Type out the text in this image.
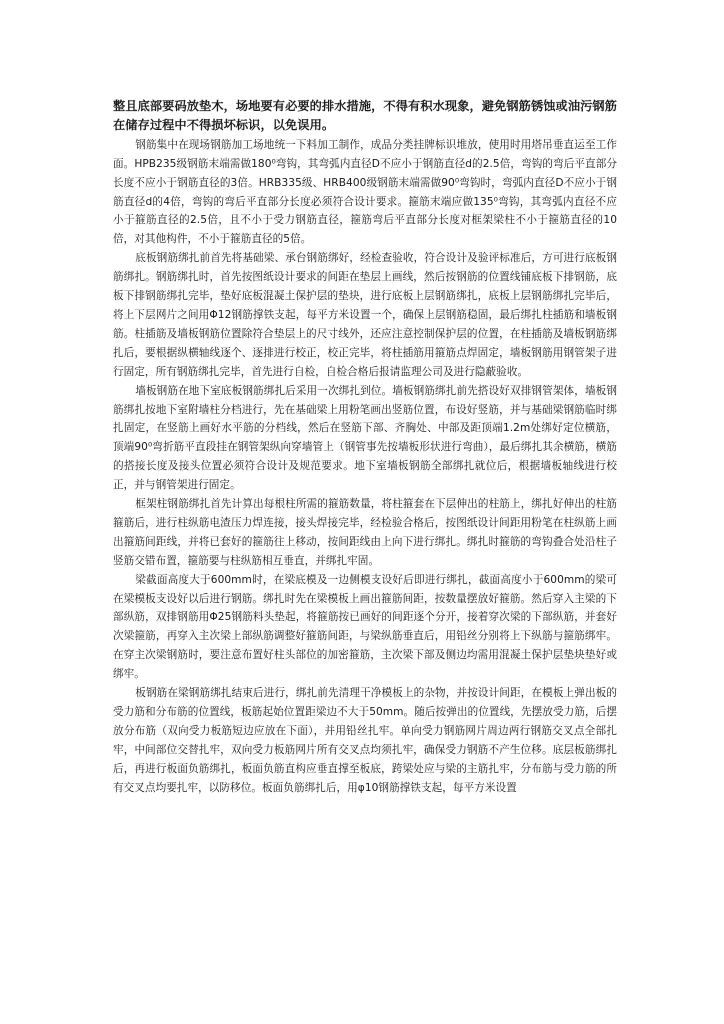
整且底部要码放垫木，场地要有必要的排水措施，不得有积水现象，避免钢筋锈蚀或油污钢筋在储存过程中不得损坏标识，以免误用。

钢筋集中在现场钢筋加工场地统一下料加工制作，成品分类挂牌标识堆放，使用时用塔吊垂直运至工作面。HPB235级钢筋末端需做180⁰弯钩，其弯弧内直径D不应小于钢筋直径d的2.5倍，弯钩的弯后平直部分长度不应小于钢筋直径的3倍。HRB335级、HRB400级钢筋末端需做90⁰弯钩时，弯弧内直径D不应小于钢筋直径d的4倍，弯钩的弯后平直部分长度必须符合设计要求。箍筋末端应做135⁰弯钩，其弯弧内直径不应小于箍筋直径的2.5倍，且不小于受力钢筋直径，箍筋弯后平直部分长度对框架梁柱不小于箍筋直径的10倍，对其他构件，不小于箍筋直径的5倍。

底板钢筋绑扎前首先将基础梁、承台钢筋绑好，经检查验收，符合设计及验评标准后，方可进行底板钢筋绑扎。钢筋绑扎时，首先按图纸设计要求的间距在垫层上画线，然后按钢筋的位置线铺底板下排钢筋，底板下排钢筋绑扎完毕，垫好底板混凝土保护层的垫块，进行底板上层钢筋绑扎，底板上层钢筋绑扎完毕后，将上下层网片之间用Φ12钢筋撑铁支起，每平方米设置一个，确保上层钢筋稳固，最后绑扎柱插筋和墙板钢筋。柱插筋及墙板钢筋位置除符合垫层上的尺寸线外，还应注意控制保护层的位置，在柱插筋及墙板钢筋绑扎后，要根据纵横轴线逐个、逐排进行校正，校正完毕，将柱插筋用箍筋点焊固定，墙板钢筋用钢管架子进行固定，所有钢筋绑扎完毕，首先进行自检，自检合格后报请监理公司及进行隐蔽验收。

墙板钢筋在地下室底板钢筋绑扎后采用一次绑扎到位。墙板钢筋绑扎前先搭设好双排钢管架体，墙板钢筋绑扎按地下室附墙柱分档进行，先在基础梁上用粉笔画出竖筋位置，布设好竖筋，并与基础梁钢筋临时绑扎固定，在竖筋上画好水平筋的分档线，然后在竖筋下部、齐胸处、中部及距顶端1.2m处绑好定位横筋，顶端90⁰弯折筋平直段挂在钢管架纵向穿墙管上（钢管事先按墙板形状进行弯曲），最后绑扎其余横筋，横筋的搭接长度及接头位置必须符合设计及规范要求。地下室墙板钢筋全部绑扎就位后，根据墙板轴线进行校正，并与钢管架进行固定。

框架柱钢筋绑扎首先计算出每根柱所需的箍筋数量，将柱箍套在下层伸出的柱筋上，绑扎好伸出的柱筋箍筋后，进行柱纵筋电渣压力焊连接，接头焊接完毕，经检验合格后，按图纸设计间距用粉笔在柱纵筋上画出箍筋间距线，并将已套好的箍筋往上移动，按间距线由上向下进行绑扎。绑扎时箍筋的弯钩叠合处沿柱子竖筋交错布置，箍筋要与柱纵筋相互垂直，并绑扎牢固。

梁截面高度大于600mm时，在梁底模及一边侧模支设好后即进行绑扎，截面高度小于600mm的梁可在梁模板支设好以后进行钢筋。绑扎时先在梁模板上画出箍筋间距，按数量摆放好箍筋。然后穿入主梁的下部纵筋，双排钢筋用Φ25钢筋料头垫起，将箍筋按已画好的间距逐个分开，接着穿次梁的下部纵筋，并套好次梁箍筋，再穿入主次梁上部纵筋调整好箍筋间距，与梁纵筋垂直后，用铅丝分别将上下纵筋与箍筋绑牢。在穿主次梁钢筋时，要注意布置好柱头部位的加密箍筋，主次梁下部及侧边均需用混凝土保护层垫块垫好或绑牢。

板钢筋在梁钢筋绑扎结束后进行，绑扎前先清理干净模板上的杂物，并按设计间距，在模板上弹出板的受力筋和分布筋的位置线，板筋起始位置距梁边不大于50mm。随后按弹出的位置线，先摆放受力筋，后摆放分布筋（双向受力板筋短边应放在下面），并用铅丝扎牢。单向受力钢筋网片周边两行钢筋交叉点全部扎牢，中间部位交替扎牢，双向受力板筋网片所有交叉点均须扎牢，确保受力钢筋不产生位移。底层板筋绑扎后，再进行板面负筋绑扎，板面负筋直构应垂直撑至板底，跨梁处应与梁的主筋扎牢，分布筋与受力筋的所有交叉点均要扎牢，以防移位。板面负筋绑扎后，用φ10钢筋撑铁支起，每平方米设置
